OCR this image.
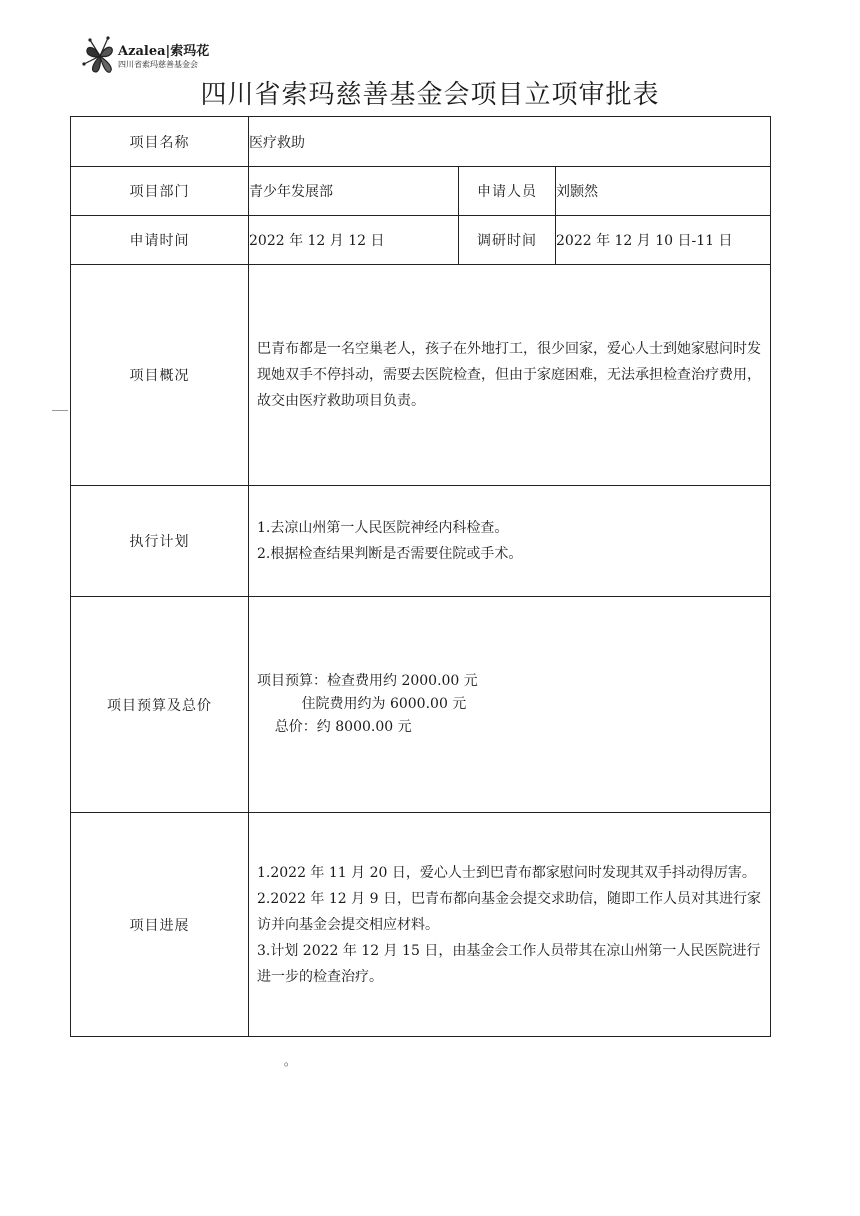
Azalea|索玛花
四川省索玛慈善基金会
四川省索玛慈善基金会项目立项审批表
项目名称	医疗救助		
项目部门	青少年发展部	申请人员	刘颢然
申请时间	2022 年 12 月 12 日	调研时间	2022 年 12 月 10 日-11 日
项目概况	巴青布都是一名空巢老人，孩子在外地打工，很少回家，爱心人士到她家慰问时发现她双手不停抖动，需要去医院检查，但由于家庭困难，无法承担检查治疗费用，故交由医疗救助项目负责。		

执行计划	1.去凉山州第一人民医院神经内科检查。
2.根据检查结果判断是否需要住院或手术。		

项目预算及总价	项目预算：检查费用约 2000.00 元
住院费用约为 6000.00 元
总价：约 8000.00 元		

项目进展	1.2022 年 11 月 20 日，爱心人士到巴青布都家慰问时发现其双手抖动得厉害。
2.2022 年 12 月 9 日，巴青布都向基金会提交求助信，随即工作人员对其进行家访并向基金会提交相应材料。
3.计划 2022 年 12 月 15 日，由基金会工作人员带其在凉山州第一人民医院进行进一步的检查治疗。		
。
